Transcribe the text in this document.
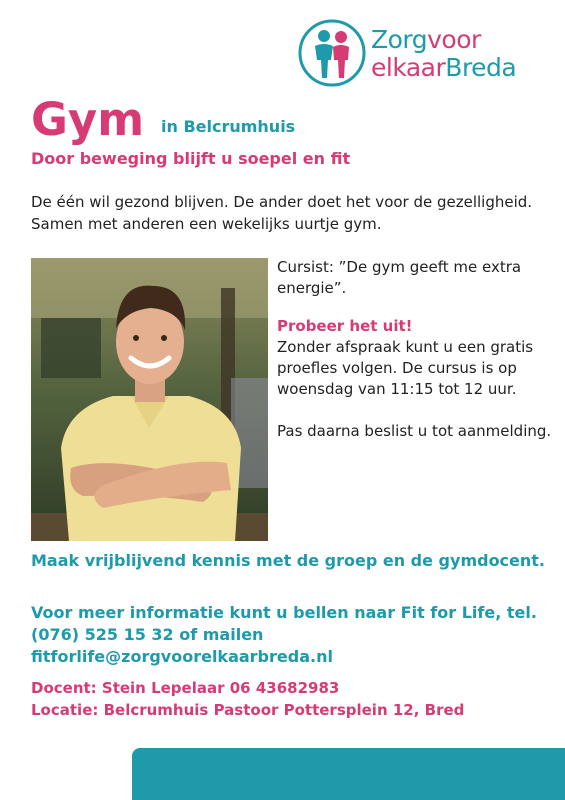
Zorgvoor
elkaarBreda
Gym in Belcrumhuis
Door beweging blijft u soepel en fit
De één wil gezond blijven. De ander doet het voor de gezelligheid. Samen met anderen een wekelijks uurtje gym.

Cursist: ”De gym geeft me extra energie”.

Probeer het uit!

Zonder afspraak kunt u een gratis proefles volgen. De cursus is op woensdag van 11:15 tot 12 uur.

Pas daarna beslist u tot aanmelding.

Maak vrijblijvend kennis met de groep en de gymdocent.
Voor meer informatie kunt u bellen naar Fit for Life, tel. (076) 525 15 32 of mailen fitforlife@zorgvoorelkaarbreda.nl
Docent: Stein Lepelaar 06 43682983
Locatie: Belcrumhuis Pastoor Pottersplein 12, Bred
